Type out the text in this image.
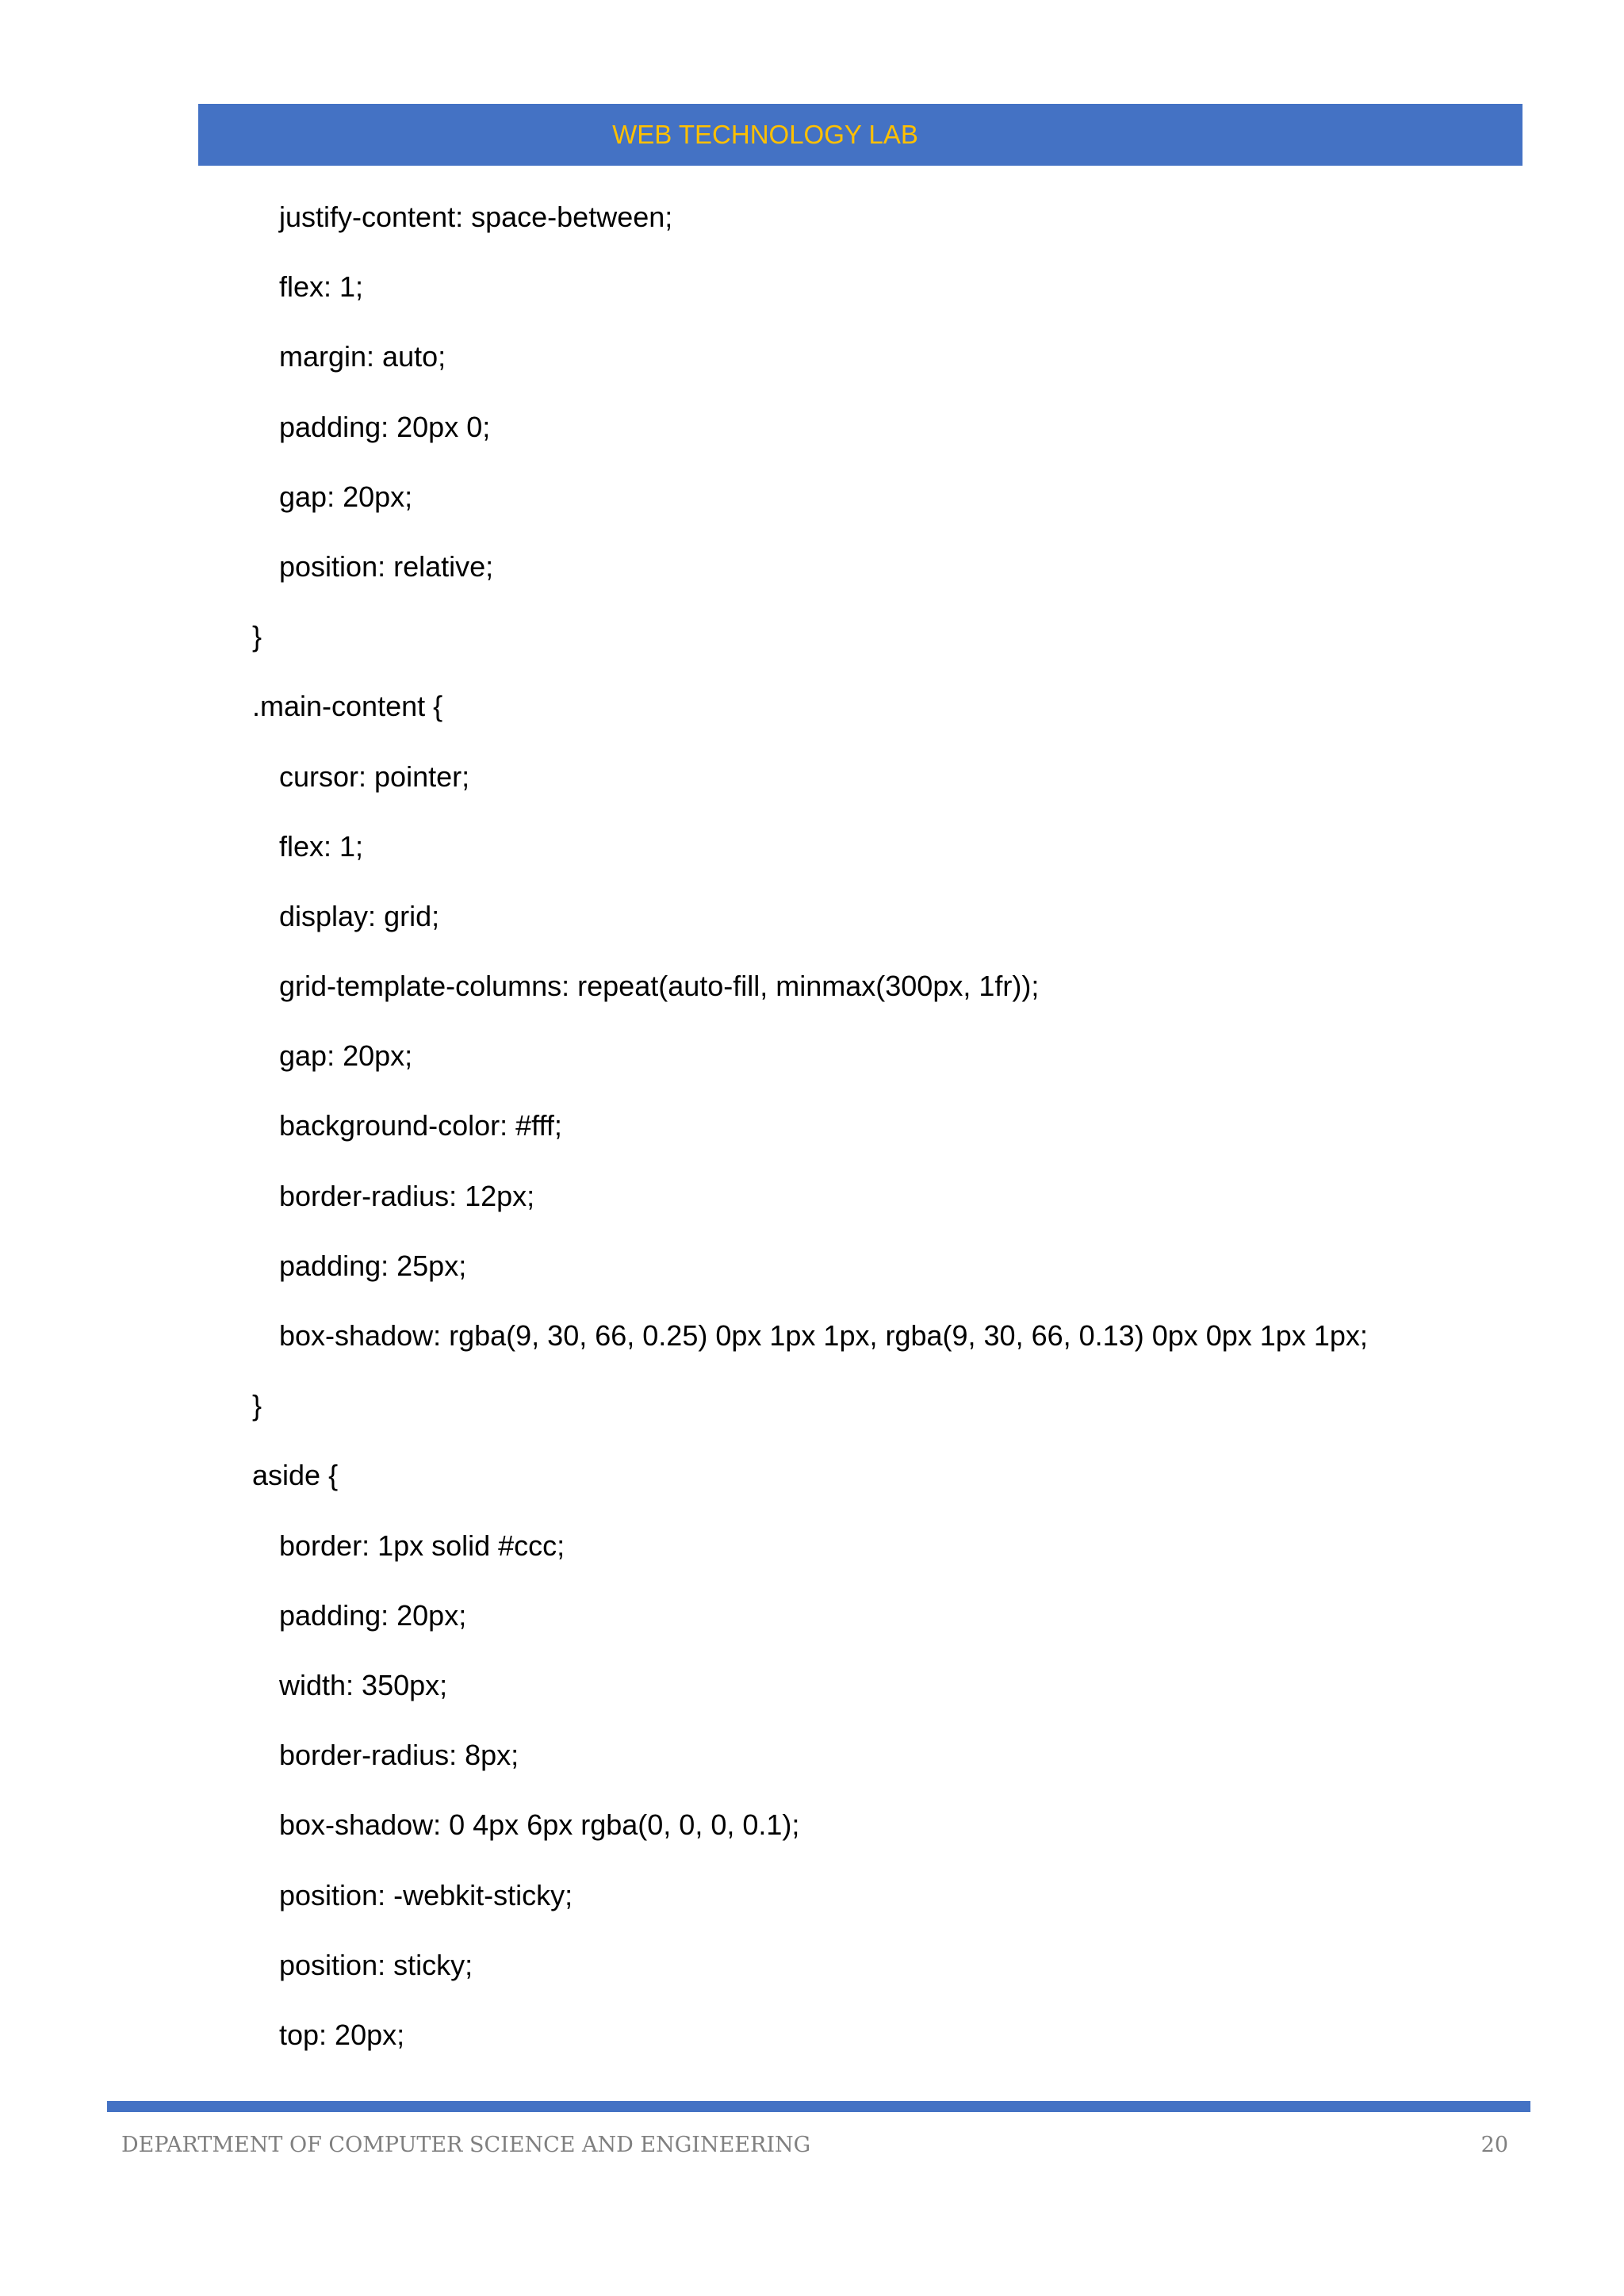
WEB TECHNOLOGY LAB
justify-content: space-between;
flex: 1;
margin: auto;
padding: 20px 0;
gap: 20px;
position: relative;
}
.main-content {
cursor: pointer;
flex: 1;
display: grid;
grid-template-columns: repeat(auto-fill, minmax(300px, 1fr));
gap: 20px;
background-color: #fff;
border-radius: 12px;
padding: 25px;
box-shadow: rgba(9, 30, 66, 0.25) 0px 1px 1px, rgba(9, 30, 66, 0.13) 0px 0px 1px 1px;
}
aside {
border: 1px solid #ccc;
padding: 20px;
width: 350px;
border-radius: 8px;
box-shadow: 0 4px 6px rgba(0, 0, 0, 0.1);
position: -webkit-sticky;
position: sticky;
top: 20px;
DEPARTMENT OF COMPUTER SCIENCE AND ENGINEERING	20
